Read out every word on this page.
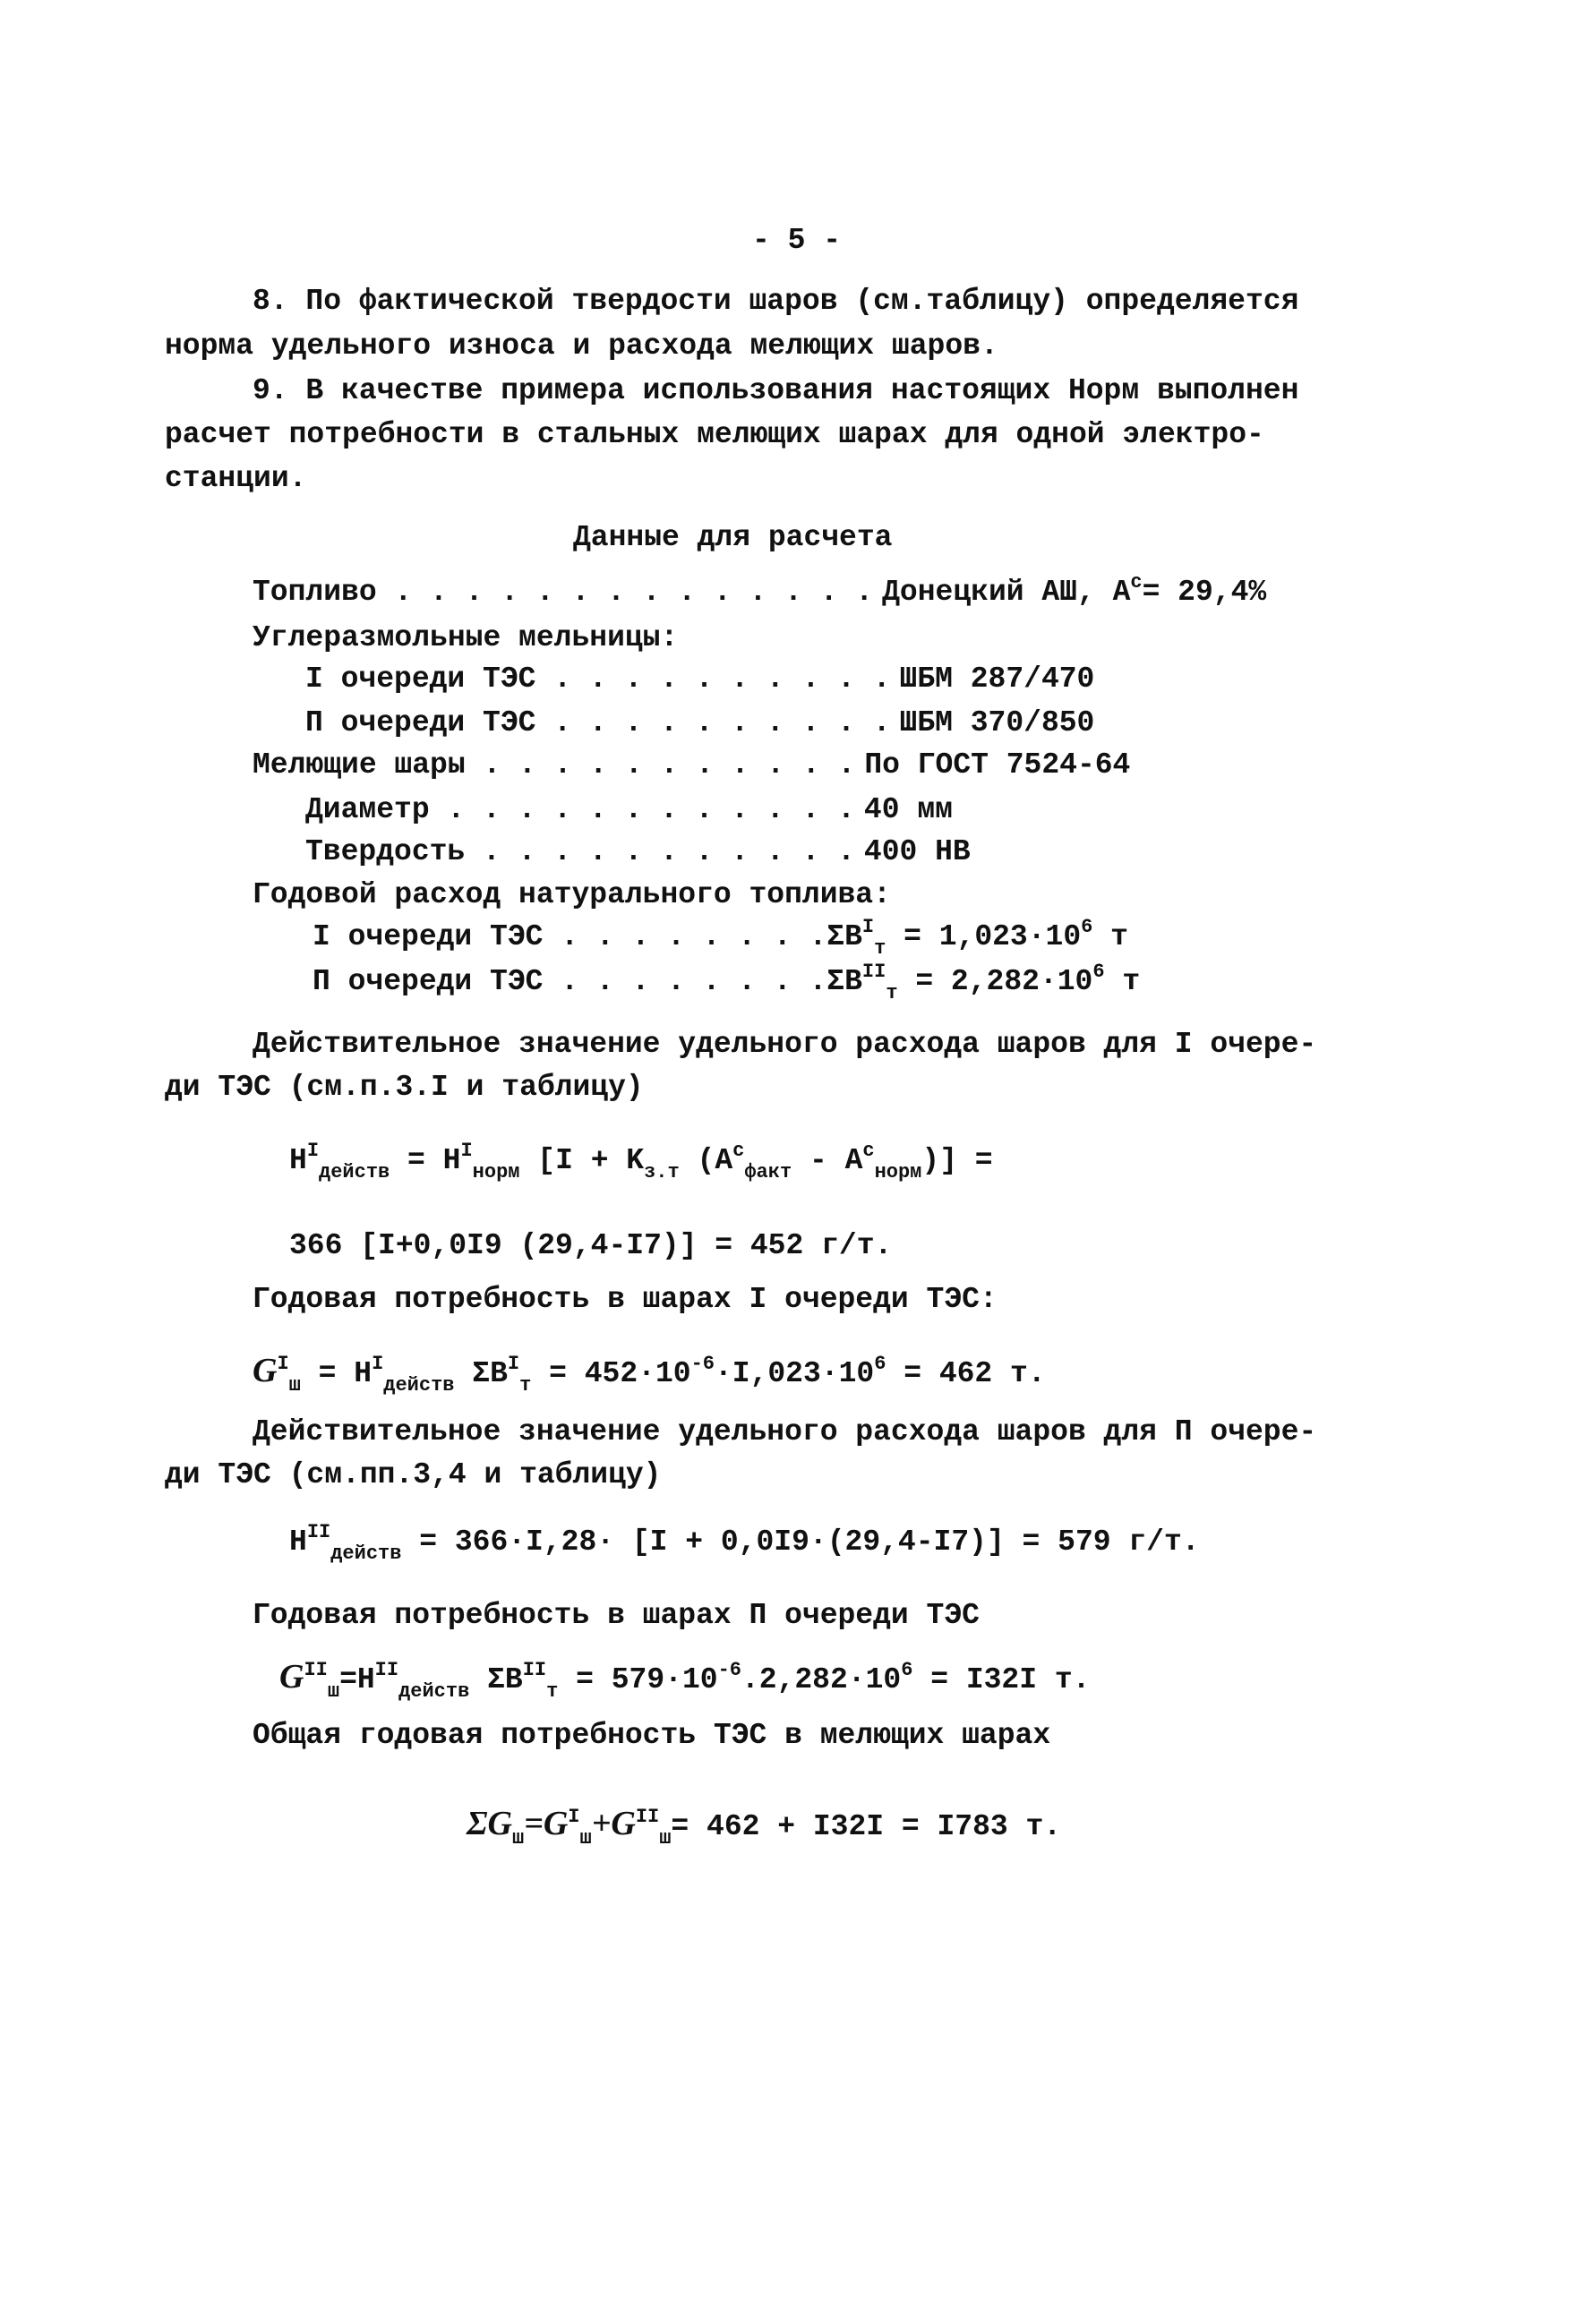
- 5 -
8. По фактической твердости шаров (см.таблицу) определяется
норма удельного износа и расхода мелющих шаров.
9. В качестве примера использования настоящих Норм выполнен
расчет потребности в стальных мелющих шарах для одной электро-
станции.
Данные для расчета
Топливо . . . . . . . . . . . . . . Донецкий АШ, $А^с= 29,4\%$
Углеразмольные мельницы:
I очереди ТЭС . . . . . . . . . . ШБМ 287/470
П очереди ТЭС . . . . . . . . . . ШБМ 370/850
Мелющие шары . . . . . . . . . . . По ГОСТ 7524-64
Диаметр . . . . . . . . . . . . 40 мм
Твердость . . . . . . . . . . . 400 НВ
Годовой расход натурального топлива:
I очереди ТЭС . . . . . . . $.\Sigma B^I_т = 1,023\cdot 10^6$ т
П очереди ТЭС . . . . . . . $.\Sigma B^{II}_т = 2,282\cdot 10^6$ т
Действительное значение удельного расхода шаров для I очере-
ди ТЭС (см.п.3.I и таблицу)
$H^I_{действ} = H^I_{норм}$ [$I + K_{з.т}$ $(A^с_{факт} - A^с_{норм})$] =
366 [I+0,0I9 (29,4-I7)] = 452 г/т.
Годовая потребность в шарах I очереди ТЭС:
$G^I_ш = H^I_{действ}$ $\Sigma B^I_т = 452\cdot 10^{-6}\cdot I,023\cdot 10^6 = 462$ т.
Действительное значение удельного расхода шаров для П очере-
ди ТЭС (см.пп.3,4 и таблицу)
$H^{II}_{действ} = 366\cdot I,28\cdot [I + 0,0I9\cdot(29,4-I7)] = 579$ г/т.
Годовая потребность в шарах П очереди ТЭС
$G^{II}_ш=H^{II}_{действ}$ $\Sigma B^{II}_т = 579\cdot 10^{-6}.2,282\cdot 10^6 = I32I$ т.
Общая годовая потребность ТЭС в мелющих шарах
$\Sigma G_ш=G^I_ш+G^{II}_ш= 462 + I32I = I783$ т.
